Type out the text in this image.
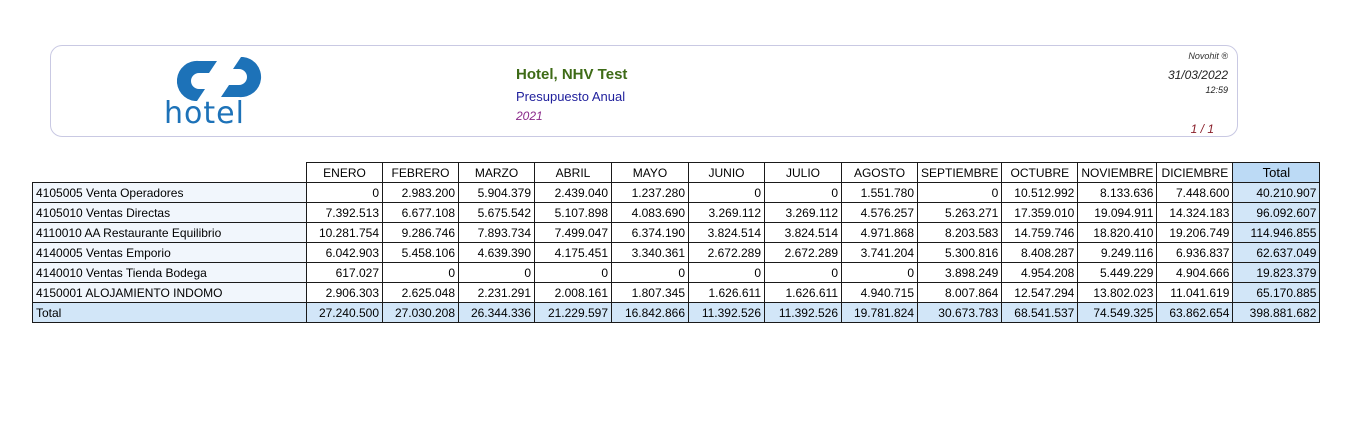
hotel
Hotel, NHV Test
Presupuesto Anual
2021
Novohit ®
31/03/2022
12:59
1 / 1
	ENERO	FEBRERO	MARZO	ABRIL	MAYO	JUNIO	JULIO	AGOSTO	SEPTIEMBRE	OCTUBRE	NOVIEMBRE	DICIEMBRE	Total
4105005 Venta Operadores	0	2.983.200	5.904.379	2.439.040	1.237.280	0	0	1.551.780	0	10.512.992	8.133.636	7.448.600	40.210.907
4105010 Ventas Directas	7.392.513	6.677.108	5.675.542	5.107.898	4.083.690	3.269.112	3.269.112	4.576.257	5.263.271	17.359.010	19.094.911	14.324.183	96.092.607
4110010 AA Restaurante Equilibrio	10.281.754	9.286.746	7.893.734	7.499.047	6.374.190	3.824.514	3.824.514	4.971.868	8.203.583	14.759.746	18.820.410	19.206.749	114.946.855
4140005 Ventas Emporio	6.042.903	5.458.106	4.639.390	4.175.451	3.340.361	2.672.289	2.672.289	3.741.204	5.300.816	8.408.287	9.249.116	6.936.837	62.637.049
4140010 Ventas Tienda Bodega	617.027	0	0	0	0	0	0	0	3.898.249	4.954.208	5.449.229	4.904.666	19.823.379
4150001 ALOJAMIENTO INDOMO	2.906.303	2.625.048	2.231.291	2.008.161	1.807.345	1.626.611	1.626.611	4.940.715	8.007.864	12.547.294	13.802.023	11.041.619	65.170.885
Total	27.240.500	27.030.208	26.344.336	21.229.597	16.842.866	11.392.526	11.392.526	19.781.824	30.673.783	68.541.537	74.549.325	63.862.654	398.881.682
